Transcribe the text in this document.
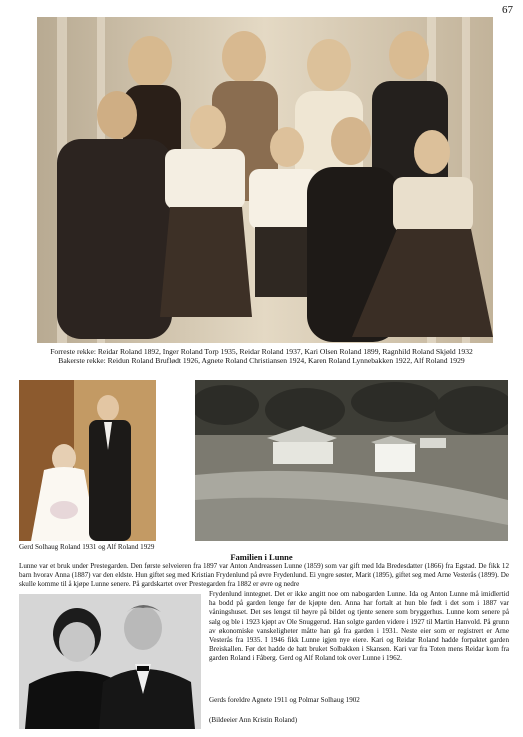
67
Forreste rekke: Reidar Roland 1892, Inger Roland Torp 1935, Reidar Roland 1937, Kari Olsen Roland 1899, Ragnhild Roland Skjøld 1932
Bakerste rekke: Reidun Roland Bruflødt 1926, Agnete Roland Christiansen 1924, Karen Roland Lynnebakken 1922, Alf Roland 1929
Gerd Solhaug Roland 1931 og Alf Roland 1929
Familien i Lunne
Lunne var et bruk under Prestegarden. Den første selveieren fra 1897 var Anton Andreassen Lunne (1859) som var gift med Ida Bredesdatter (1866) fra Egstad. De fikk 12 barn hvorav Anna (1887) var den eldste. Hun giftet seg med Kristian Frydenlund på øvre Frydenlund. Ei yngre søster, Marit (1895), giftet seg med Arne Vesterås (1899). De skulle komme til å kjøpe Lunne senere. På gardskartet over Prestegarden fra 1882 er øvre og nedre
Frydenlund inntegnet. Det er ikke angitt noe om nabogarden Lunne. Ida og Anton Lunne må imidlertid ha bodd på garden lenge før de kjøpte den. Anna har fortalt at hun ble født i det som i 1887 var våningshuset. Det ses lengst til høyre på bildet og tjente senere som bryggerhus. Lunne kom senere på salg og ble i 1923 kjøpt av Ole Snuggerud. Han solgte garden videre i 1927 til Martin Hanvold. På grunn av økonomiske vanskeligheter måtte han gå fra garden i 1931. Neste eier som er registrert er Arne Vesterås fra 1935. I 1946 fikk Lunne igjen nye eiere. Kari og Reidar Roland hadde forpaktet garden Breiskallen. Før det hadde de hatt bruket Solbakken i Skansen. Kari var fra Toten mens Reidar kom fra garden Roland i Fåberg. Gerd og Alf Roland tok over Lunne i 1962.
Gerds foreldre Agnete 1911 og Polmar Solhaug 1902
(Bildeeier Ann Kristin Roland)
